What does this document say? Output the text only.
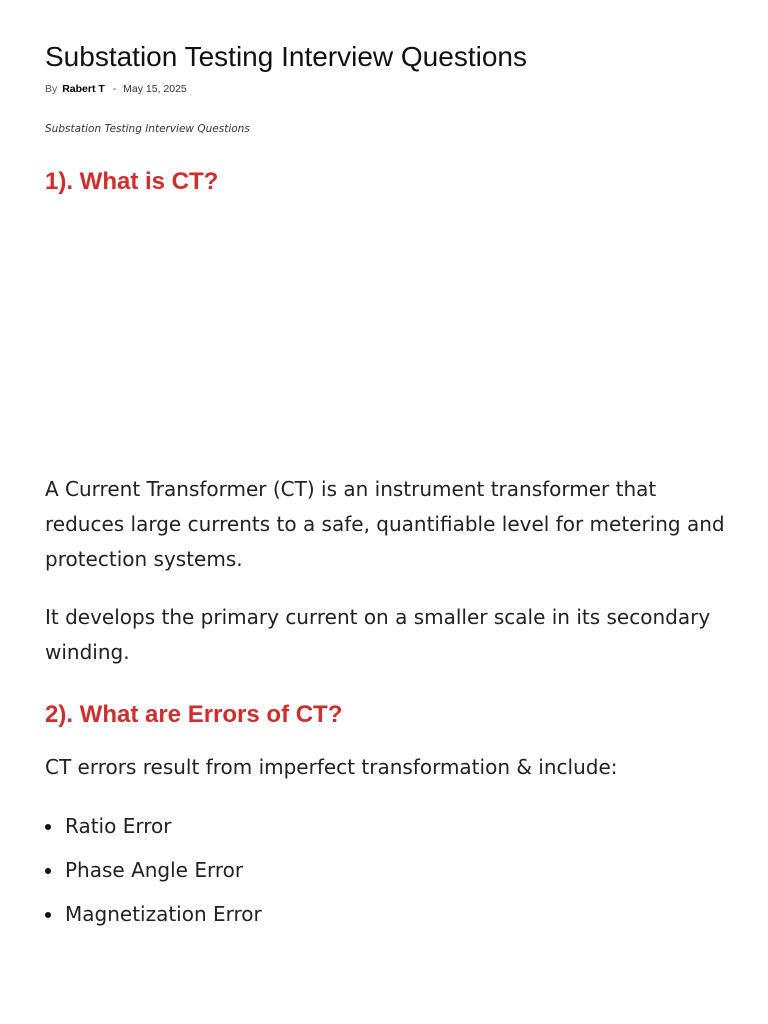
Substation Testing Interview Questions
By Rabert T - May 15, 2025

Substation Testing Interview Questions

1). What is CT?

A Current Transformer (CT) is an instrument transformer that reduces large currents to a safe, quantifiable level for metering and protection systems.

It develops the primary current on a smaller scale in its secondary winding.

2). What are Errors of CT?

CT errors result from imperfect transformation & include:

Ratio Error
Phase Angle Error
Magnetization Error
